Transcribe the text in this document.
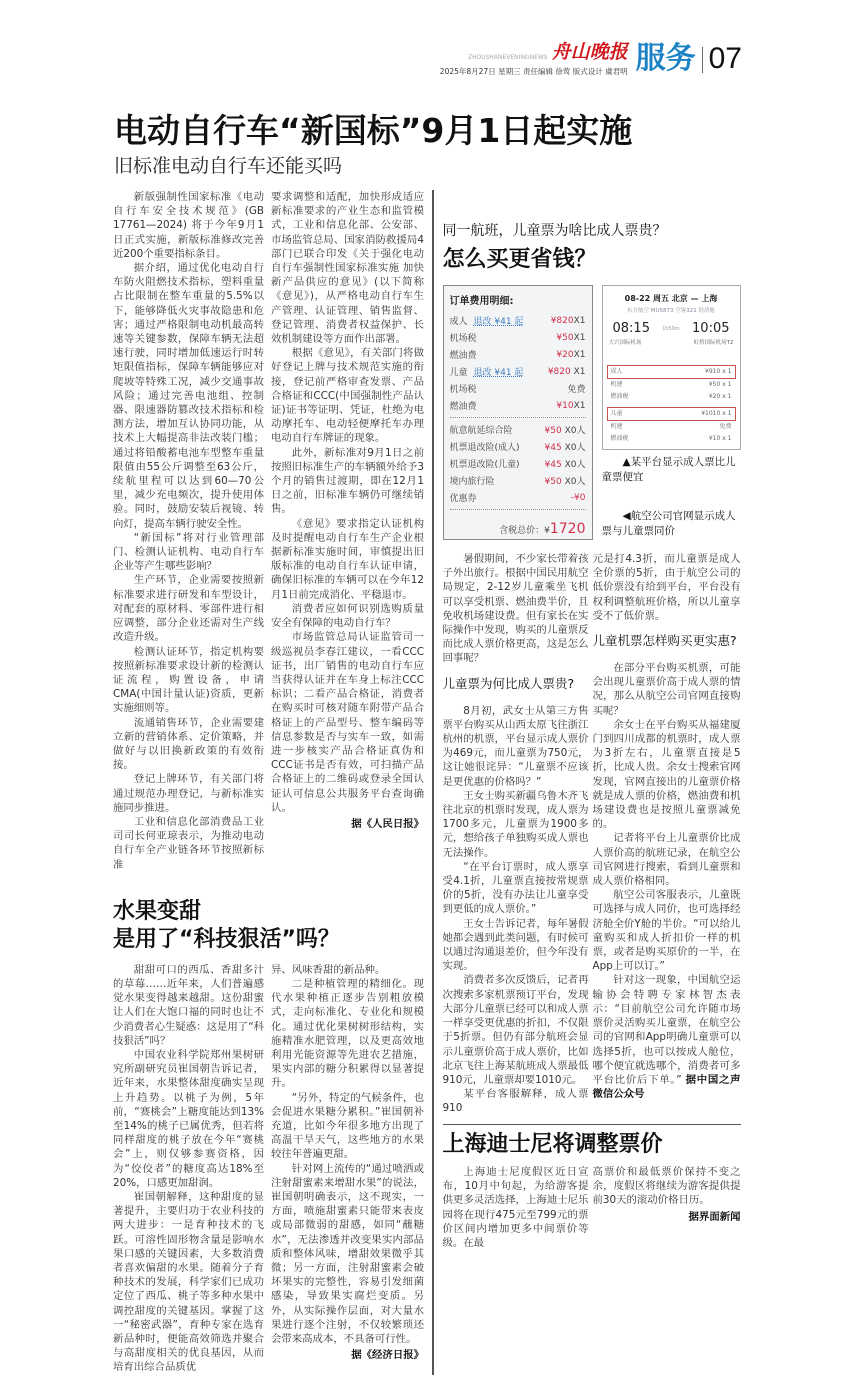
ZHOUSHANEVENINGNEWS 舟山晚报
2025年8月27日 星期三 责任编辑 徐莺 版式设计 虞君明 服务 07
电动自行车“新国标”9月1日起实施
旧标准电动自行车还能买吗

新版强制性国家标准《电动自行车安全技术规范》(GB 17761—2024) 将于今年9月1日正式实施，新版标准修改完善近200个重要指标条目。

据介绍，通过优化电动自行车防火阻燃技术指标，塑料重量占比限制在整车重量的5.5%以下，能够降低火灾事故隐患和危害；通过严格限制电动机最高转速等关键参数，保障车辆无法超速行驶，同时增加低速运行时转矩限值指标，保障车辆能够应对爬坡等特殊工况，减少交通事故风险；通过完善电池组、控制器、限速器防篡改技术指标和检测方法，增加互认协同功能，从技术上大幅提高非法改装门槛；通过将铅酸蓄电池车型整车重量限值由55公斤调整至63公斤，续航里程可以达到60—70公里，减少充电频次，提升使用体验。同时，鼓励安装后视镜、转向灯，提高车辆行驶安全性。

“新国标”将对行业管理部门、检测认证机构、电动自行车企业等产生哪些影响？

生产环节，企业需要按照新标准要求进行研发和车型设计，对配套的原材料、零部件进行相应调整，部分企业还需对生产线改造升级。

检测认证环节，指定机构要按照新标准要求设计新的检测认证流程，购置设备，申请CMA(中国计量认证)资质，更新实施细则等。

流通销售环节，企业需要建立新的营销体系、定价策略，并做好与以旧换新政策的有效衔接。

登记上牌环节，有关部门将通过规范办理登记，与新标准实施同步推进。

工业和信息化部消费品工业司司长何亚琼表示，为推动电动自行车全产业链各环节按照新标准

要求调整和适配，加快形成适应新标准要求的产业生态和监管模式，工业和信息化部、公安部、市场监管总局、国家消防救援局4部门已联合印发《关于强化电动自行车强制性国家标准实施 加快新产品供应的意见》(以下简称《意见》)，从严格电动自行车生产管理、认证管理、销售监督、登记管理、消费者权益保护、长效机制建设等方面作出部署。

根据《意见》，有关部门将做好登记上牌与技术规范实施的衔接，登记前严格审查发票、产品合格证和CCC(中国强制性产品认证)证书等证明、凭证，杜绝为电动摩托车、电动轻便摩托车办理电动自行车牌证的现象。

此外，新标准对9月1日之前按照旧标准生产的车辆额外给予3个月的销售过渡期，即在12月1日之前，旧标准车辆仍可继续销售。

《意见》要求指定认证机构及时提醒电动自行车生产企业根据新标准实施时间，审慎提出旧版标准的电动自行车认证申请，确保旧标准的车辆可以在今年12月1日前完成消化、平稳退市。

消费者应如何识别选购质量安全有保障的电动自行车？

市场监管总局认证监管司一级巡视员李春江建议，一看CCC证书，出厂销售的电动自行车应当获得认证并在车身上标注CCC标识；二看产品合格证，消费者在购买时可核对随车附带产品合格证上的产品型号、整车编码等信息参数是否与实车一致，如需进一步核实产品合格证真伪和CCC证书是否有效，可扫描产品合格证上的二维码或登录全国认证认可信息公共服务平台查询确认。

据《人民日报》
水果变甜
是用了“科技狠活”吗？

甜甜可口的西瓜、香甜多汁的草莓……近年来，人们普遍感觉水果变得越来越甜。这份甜蜜让人们在大饱口福的同时也让不少消费者心生疑惑：这是用了“科技狠活”吗？

中国农业科学院郑州果树研究所副研究员崔国朝告诉记者，近年来，水果整体甜度确实呈现上升趋势。以桃子为例，5年前，“赛桃会”上糖度能达到13%至14%的桃子已属优秀，但若将同样甜度的桃子放在今年“赛桃会”上，则仅够参赛资格，因为“佼佼者”的糖度高达18%至20%，口感更加甜润。

崔国朝解释，这种甜度的显著提升，主要归功于农业科技的两大进步：一是育种技术的飞跃。可溶性固形物含量是影响水果口感的关键因素，大多数消费者喜欢偏甜的水果。随着分子育种技术的发展，科学家们已成功定位了西瓜、桃子等多种水果中调控甜度的关键基因。掌握了这一“秘密武器”，育种专家在选育新品种时，便能高效筛选并聚合与高甜度相关的优良基因，从而培育出综合品质优

异、风味香甜的新品种。

二是种植管理的精细化。现代水果种植正逐步告别粗放模式，走向标准化、专业化和规模化。通过优化果树树形结构，实施精准水肥管理，以及更高效地利用光能资源等先进农艺措施，果实内部的糖分积累得以显著提升。

“另外，特定的气候条件，也会促进水果糖分累积。”崔国朝补充道，比如今年很多地方出现了高温干旱天气，这些地方的水果较往年普遍更甜。

针对网上流传的“通过喷洒或注射甜蜜素来增甜水果”的说法，崔国朝明确表示，这不现实，一方面，喷施甜蜜素只能带来表皮或局部微弱的甜感，如同“蘸糖水”，无法渗透并改变果实内部品质和整体风味，增甜效果微乎其微；另一方面，注射甜蜜素会破坏果实的完整性，容易引发细菌感染，导致果实腐烂变质。另外，从实际操作层面，对大量水果进行逐个注射，不仅较繁琐还会带来高成本，不具备可行性。

据《经济日报》
同一航班，儿童票为啥比成人票贵？
怎么买更省钱？
订单费用明细:
成人 退改 ¥41 起	¥820X1
机场税	¥50X1
燃油费	¥20X1
儿童 退改 ¥41 起	¥820 X1
机场税	免费
燃油费	¥10X1
航意航延综合险	¥50 X0人
机票退改险(成人)	¥45 X0人
机票退改险(儿童)	¥45 X0人
境内旅行险	¥50 X0人
优惠券	-¥0
含税总价：¥1720
08-22 周五 北京 — 上海
东方航空 MU5873 空客321 经济舱
08:15 1h50m 10:05
大兴国际机场	虹桥国际机场T2
成人	¥910 x 1
机建	¥50 x 1
燃油税	¥20 x 1
儿童	¥1010 x 1
机建	免费
燃油税	¥10 x 1
▲某平台显示成人票比儿童票便宜
◀航空公司官网显示成人票与儿童票同价

暑假期间，不少家长带着孩子外出旅行。根据中国民用航空局规定，2-12岁儿童乘坐飞机可以享受机票、燃油费半价，且免收机场建设费。但有家长在实际操作中发现，购买的儿童票反而比成人票价格更高，这是怎么回事呢？

儿童票为何比成人票贵?

8月初，武女士从第三方售票平台购买从山西太原飞往浙江杭州的机票，平台显示成人票价为469元，而儿童票为750元，这让她很诧异：“儿童票不应该是更优惠的价格吗？”

王女士购买新疆乌鲁木齐飞往北京的机票时发现，成人票为1700多元，儿童票为1900多元，想给孩子单独购买成人票也无法操作。

“在平台订票时，成人票享受4.1折，儿童票直接按常规票价的5折，没有办法让儿童享受到更低的成人票价。”

王女士告诉记者，每年暑假她都会遇到此类问题，有时候可以通过沟通退差价，但今年没有实现。

消费者多次反馈后，记者再次搜索多家机票预订平台，发现大部分儿童票已经可以和成人票一样享受更优惠的折扣，不仅限于5折票。但仍有部分航班会显示儿童票价高于成人票价，比如北京飞往上海某航班成人票最低910元，儿童票却要1010元。

某平台客服解释，成人票910

元是打4.3折，而儿童票是成人全价票的5折，由于航空公司的低价票没有给到平台，平台没有权利调整航班价格，所以儿童享受不了低价票。

儿童机票怎样购买更实惠?

在部分平台购买机票，可能会出现儿童票价高于成人票的情况，那么从航空公司官网直接购买呢？

余女士在平台购买从福建厦门到四川成都的机票时，成人票为3折左右，儿童票直接是5折，比成人贵。余女士搜索官网发现，官网直接出的儿童票价格就是成人票的价格，燃油费和机场建设费也是按照儿童票减免的。

记者将平台上儿童票价比成人票价高的航班记录，在航空公司官网进行搜索，看到儿童票和成人票价格相同。

航空公司客服表示，儿童既可选择与成人同价，也可选择经济舱全价Y舱的半价。“可以给儿童购买和成人折扣价一样的机票，或者是购买原价的一半，在App上可以订。”

针对这一现象，中国航空运输协会特聘专家林智杰表示：“目前航空公司允许随市场票价灵活购买儿童票，在航空公司的官网和App明确儿童票可以选择5折，也可以按成人舱位，哪个便宜就选哪个，消费者可多平台比价后下单。” 据中国之声微信公众号

上海迪士尼将调整票价

上海迪士尼度假区近日宣布，10月中旬起，为给游客提供更多灵活选择，上海迪士尼乐园将在现行475元至799元的票价区间内增加更多中间票价等级。在最

高票价和最低票价保持不变之余，度假区将继续为游客提供提前30天的滚动价格日历。

据界面新闻
